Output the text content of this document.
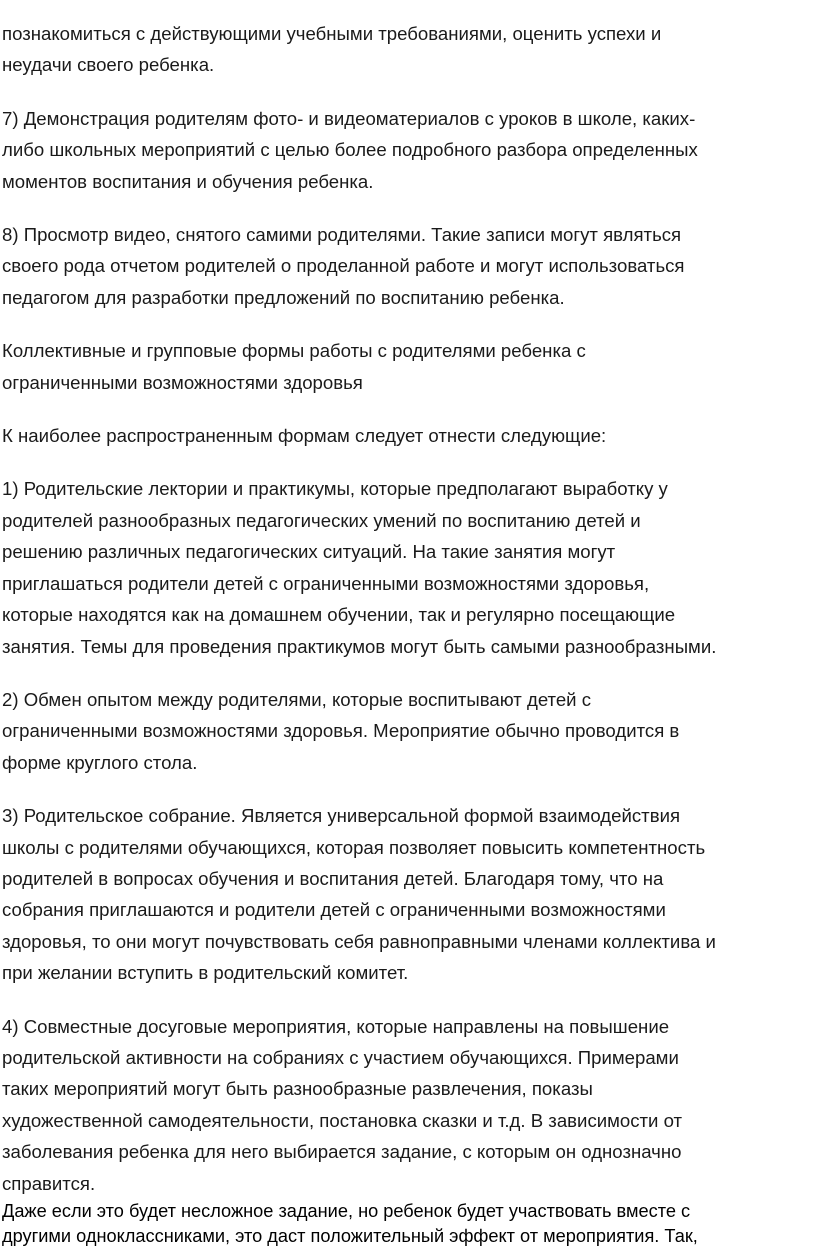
познакомиться с действующими учебными требованиями, оценить успехи и
неудачи своего ребенка.

7) Демонстрация родителям фото- и видеоматериалов с уроков в школе, каких-
либо школьных мероприятий с целью более подробного разбора определенных
моментов воспитания и обучения ребенка.

8) Просмотр видео, снятого самими родителями. Такие записи могут являться
своего рода отчетом родителей о проделанной работе и могут использоваться
педагогом для разработки предложений по воспитанию ребенка.

Коллективные и групповые формы работы с родителями ребенка с
ограниченными возможностями здоровья

К наиболее распространенным формам следует отнести следующие:

1) Родительские лектории и практикумы, которые предполагают выработку у
родителей разнообразных педагогических умений по воспитанию детей и
решению различных педагогических ситуаций. На такие занятия могут
приглашаться родители детей с ограниченными возможностями здоровья,
которые находятся как на домашнем обучении, так и регулярно посещающие
занятия. Темы для проведения практикумов могут быть самыми разнообразными.

2) Обмен опытом между родителями, которые воспитывают детей с
ограниченными возможностями здоровья. Мероприятие обычно проводится в
форме круглого стола.

3) Родительское собрание. Является универсальной формой взаимодействия
школы с родителями обучающихся, которая позволяет повысить компетентность
родителей в вопросах обучения и воспитания детей. Благодаря тому, что на
собрания приглашаются и родители детей с ограниченными возможностями
здоровья, то они могут почувствовать себя равноправными членами коллектива и
при желании вступить в родительский комитет.

4) Совместные досуговые мероприятия, которые направлены на повышение
родительской активности на собраниях с участием обучающихся. Примерами
таких мероприятий могут быть разнообразные развлечения, показы
художественной самодеятельности, постановка сказки и т.д. В зависимости от
заболевания ребенка для него выбирается задание, с которым он однозначно
справится.

Даже если это будет несложное задание, но ребенок будет участвовать вместе с
другими одноклассниками, это даст положительный эффект от мероприятия. Так,
